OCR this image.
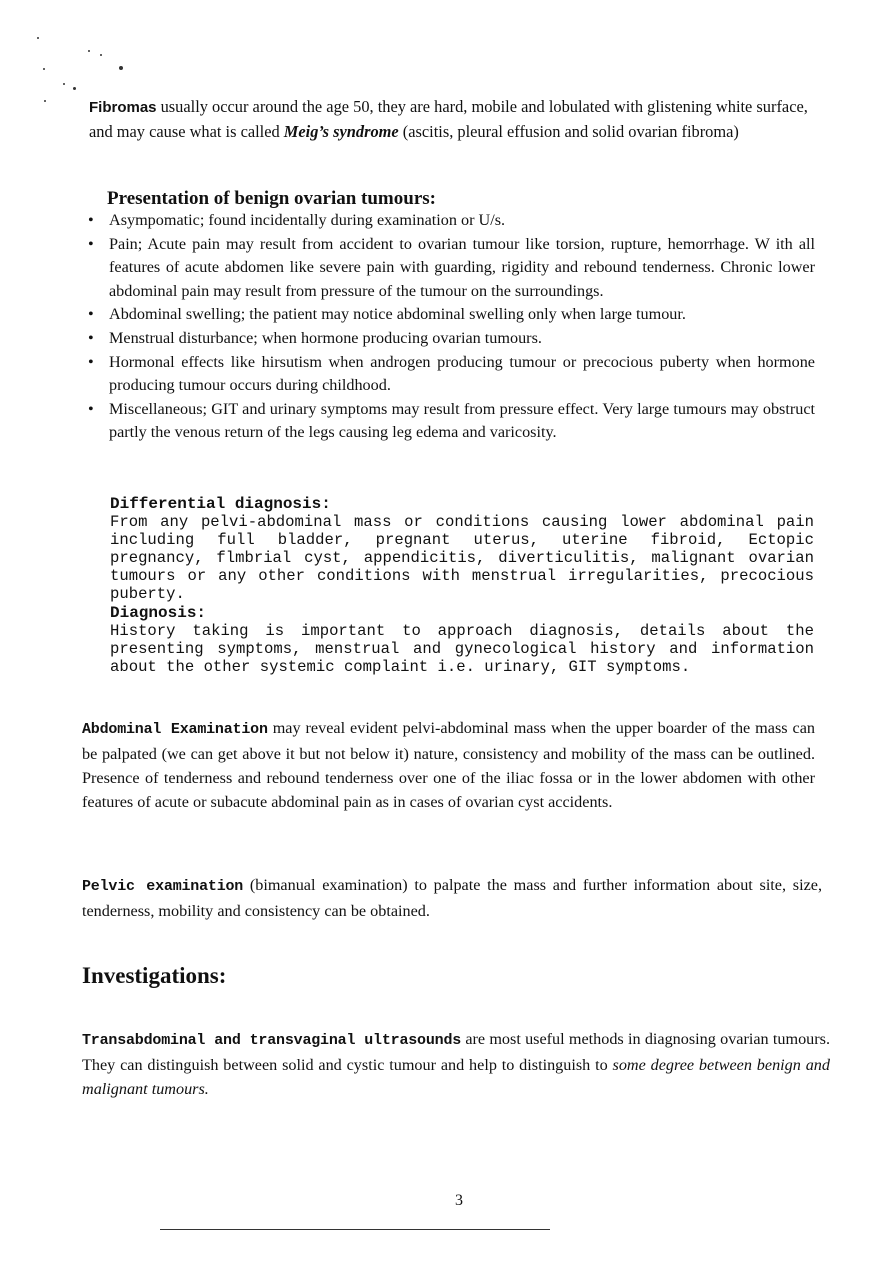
Fibromas usually occur around the age 50, they are hard, mobile and lobulated with glistening white surface, and may cause what is called Meig’s syndrome (ascitis, pleural effusion and solid ovarian fibroma)

Presentation of benign ovarian tumours:
• Asympomatic; found incidentally during examination or U/s.
• Pain; Acute pain may result from accident to ovarian tumour like torsion, rupture, hemorrhage. W ith all features of acute abdomen like severe pain with guarding, rigidity and rebound tenderness. Chronic lower abdominal pain may result from pressure of the tumour on the surroundings.
• Abdominal swelling; the patient may notice abdominal swelling only when large tumour.
• Menstrual disturbance; when hormone producing ovarian tumours.
• Hormonal effects like hirsutism when androgen producing tumour or precocious puberty when hormone producing tumour occurs during childhood.
• Miscellaneous; GIT and urinary symptoms may result from pressure effect. Very large tumours may obstruct partly the venous return of the legs causing leg edema and varicosity.
Differential diagnosis:
From any pelvi-abdominal mass or conditions causing lower abdominal pain including full bladder, pregnant uterus, uterine fibroid, Ectopic pregnancy, flmbrial cyst, appendicitis, diverticulitis, malignant ovarian tumours or any other conditions with menstrual irregularities, precocious puberty.
Diagnosis:
History taking is important to approach diagnosis, details about the presenting symptoms, menstrual and gynecological history and information about the other systemic complaint i.e. urinary, GIT symptoms.

Abdominal Examination may reveal evident pelvi-abdominal mass when the upper boarder of the mass can be palpated (we can get above it but not below it) nature, consistency and mobility of the mass can be outlined. Presence of tenderness and rebound tenderness over one of the iliac fossa or in the lower abdomen with other features of acute or subacute abdominal pain as in cases of ovarian cyst accidents.

Pelvic examination (bimanual examination) to palpate the mass and further information about site, size, tenderness, mobility and consistency can be obtained.

Investigations:

Transabdominal and transvaginal ultrasounds are most useful methods in diagnosing ovarian tumours. They can distinguish between solid and cystic tumour and help to distinguish to some degree between benign and malignant tumours.

3
